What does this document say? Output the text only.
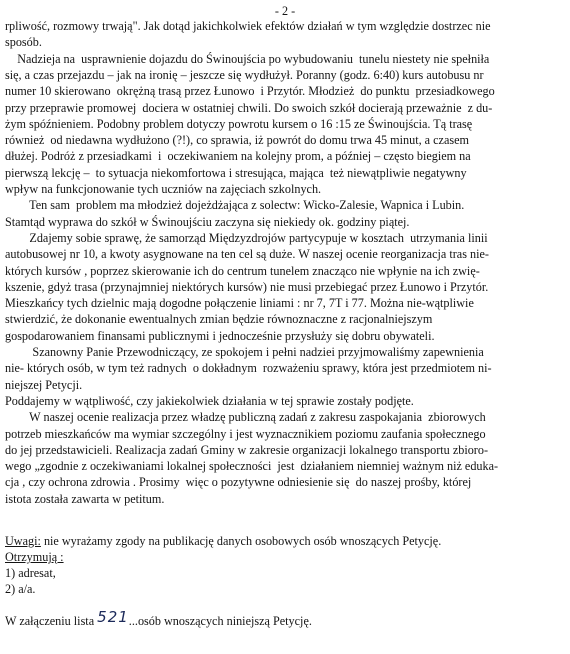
- 2 -
rpliwość, rozmowy trwają". Jak dotąd jakichkolwiek efektów działań w tym względzie dostrzec nie
sposób.
Nadzieja na  usprawnienie dojazdu do Świnoujścia po wybudowaniu  tunelu niestety nie spełniła
się, a czas przejazdu – jak na ironię – jeszcze się wydłużył. Poranny (godz. 6:40) kurs autobusu nr
numer 10 skierowano  okrężną trasą przez Łunowo  i Przytór. Młodzież  do punktu  przesiadkowego
przy przeprawie promowej  dociera w ostatniej chwili. Do swoich szkół docierają przeważnie  z du-
żym spóźnieniem. Podobny problem dotyczy powrotu kursem o 16 :15 ze Świnoujścia. Tą trasę
również  od niedawna wydłużono (?!), co sprawia, iż powrót do domu trwa 45 minut, a czasem
dłużej. Podróż z przesiadkami  i  oczekiwaniem na kolejny prom, a później – często biegiem na
pierwszą lekcję –  to sytuacja niekomfortowa i stresująca, mająca  też niewątpliwie negatywny
wpływ na funkcjonowanie tych uczniów na zajęciach szkolnych.
Ten sam  problem ma młodzież dojeżdżająca z solectw: Wicko-Zalesie, Wapnica i Lubin.
Stamtąd wyprawa do szkół w Świnoujściu zaczyna się niekiedy ok. godziny piątej.
Zdajemy sobie sprawę, że samorząd Międzyzdrojów partycypuje w kosztach  utrzymania linii
autobusowej nr 10, a kwoty asygnowane na ten cel są duże. W naszej ocenie reorganizacja tras nie-
których kursów , poprzez skierowanie ich do centrum tunelem znacząco nie wpłynie na ich zwię-
kszenie, gdyż trasa (przynajmniej niektórych kursów) nie musi przebiegać przez Łunowo i Przytór.
Mieszkańcy tych dzielnic mają dogodne połączenie liniami : nr 7, 7T i 77. Można nie-wątpliwie
stwierdzić, że dokonanie ewentualnych zmian będzie równoznaczne z racjonalniejszym
gospodarowaniem finansami publicznymi i jednocześnie przysłuży się dobru obywateli.
Szanowny Panie Przewodniczący, ze spokojem i pełni nadziei przyjmowaliśmy zapewnienia
nie- których osób, w tym też radnych  o dokładnym  rozważeniu sprawy, która jest przedmiotem ni-
niejszej Petycji.
Poddajemy w wątpliwość, czy jakiekolwiek działania w tej sprawie zostały podjęte.
W naszej ocenie realizacja przez władzę publiczną zadań z zakresu zaspokajania  zbiorowych
potrzeb mieszkańców ma wymiar szczególny i jest wyznacznikiem poziomu zaufania społecznego
do jej przedstawicieli. Realizacja zadań Gminy w zakresie organizacji lokalnego transportu zbioro-
wego „zgodnie z oczekiwaniami lokalnej społeczności  jest  działaniem niemniej ważnym niż eduka-
cja , czy ochrona zdrowia . Prosimy  więc o pozytywne odniesienie się  do naszej prośby, której
istota została zawarta w petitum.
Uwagi: nie wyrażamy zgody na publikację danych osobowych osób wnoszących Petycję.
Otrzymują :
1) adresat,
2) a/a.
W załączeniu lista 521...osób wnoszących niniejszą Petycję.
